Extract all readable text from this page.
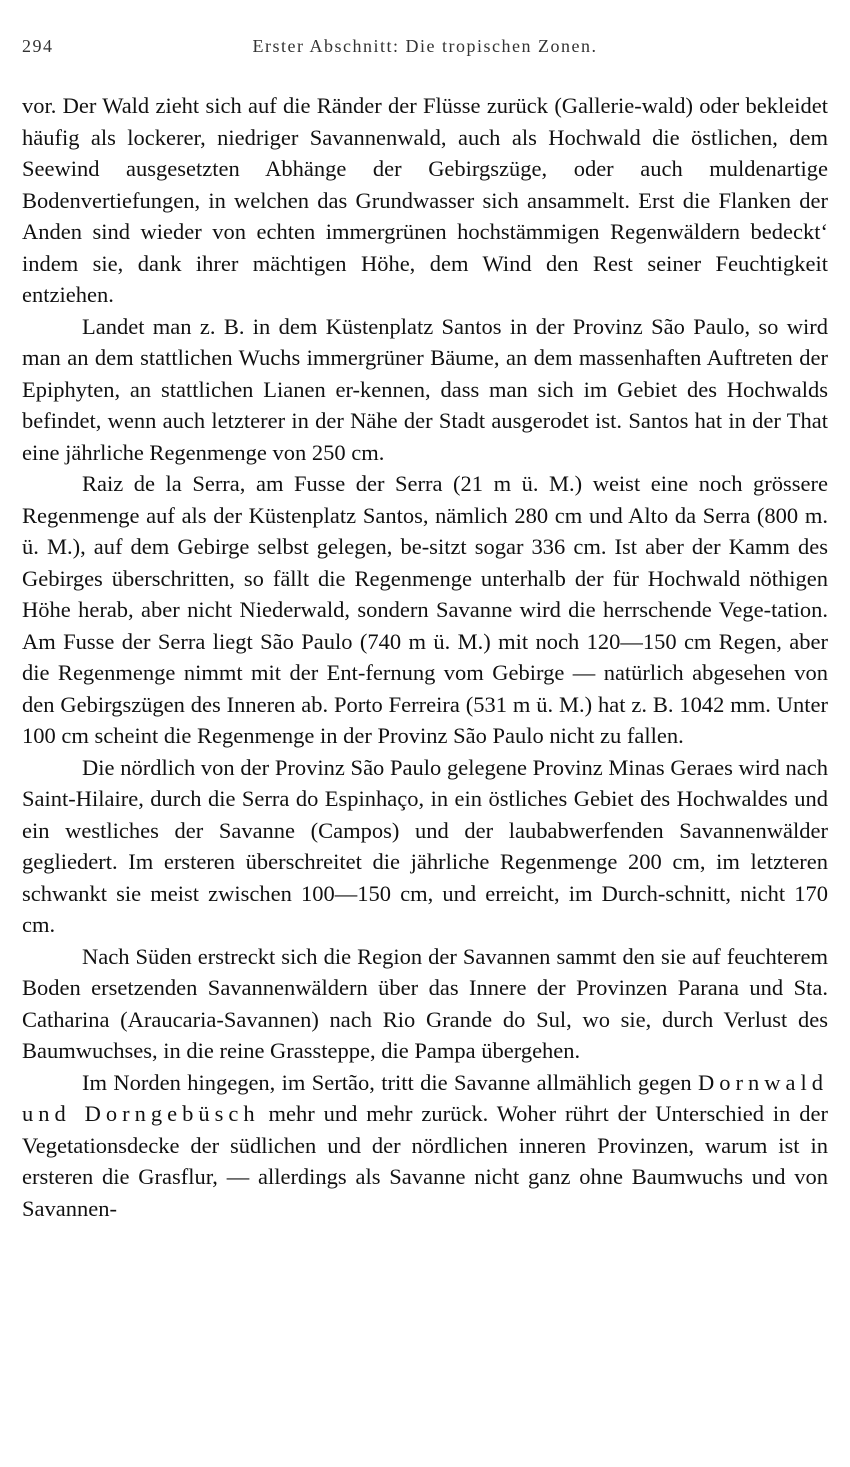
294	Erster Abschnitt: Die tropischen Zonen.

vor. Der Wald zieht sich auf die Ränder der Flüsse zurück (Gallerie-wald) oder bekleidet häufig als lockerer, niedriger Savannenwald, auch als Hochwald die östlichen, dem Seewind ausgesetzten Abhänge der Gebirgszüge, oder auch muldenartige Bodenvertiefungen, in welchen das Grundwasser sich ansammelt. Erst die Flanken der Anden sind wieder von echten immergrünen hochstämmigen Regenwäldern bedeckt‘ indem sie, dank ihrer mächtigen Höhe, dem Wind den Rest seiner Feuchtigkeit entziehen.

Landet man z. B. in dem Küstenplatz Santos in der Provinz São Paulo, so wird man an dem stattlichen Wuchs immergrüner Bäume, an dem massenhaften Auftreten der Epiphyten, an stattlichen Lianen er-kennen, dass man sich im Gebiet des Hochwalds befindet, wenn auch letzterer in der Nähe der Stadt ausgerodet ist. Santos hat in der That eine jährliche Regenmenge von 250 cm.

Raiz de la Serra, am Fusse der Serra (21 m ü. M.) weist eine noch grössere Regenmenge auf als der Küstenplatz Santos, nämlich 280 cm und Alto da Serra (800 m. ü. M.), auf dem Gebirge selbst gelegen, be-sitzt sogar 336 cm. Ist aber der Kamm des Gebirges überschritten, so fällt die Regenmenge unterhalb der für Hochwald nöthigen Höhe herab, aber nicht Niederwald, sondern Savanne wird die herrschende Vege-tation. Am Fusse der Serra liegt São Paulo (740 m ü. M.) mit noch 120—150 cm Regen, aber die Regenmenge nimmt mit der Ent-fernung vom Gebirge — natürlich abgesehen von den Gebirgszügen des Inneren ab. Porto Ferreira (531 m ü. M.) hat z. B. 1042 mm. Unter 100 cm scheint die Regenmenge in der Provinz São Paulo nicht zu fallen.

Die nördlich von der Provinz São Paulo gelegene Provinz Minas Geraes wird nach Saint-Hilaire, durch die Serra do Espinhaço, in ein östliches Gebiet des Hochwaldes und ein westliches der Savanne (Campos) und der laubabwerfenden Savannenwälder gegliedert. Im ersteren überschreitet die jährliche Regenmenge 200 cm, im letzteren schwankt sie meist zwischen 100—150 cm, und erreicht, im Durch-schnitt, nicht 170 cm.

Nach Süden erstreckt sich die Region der Savannen sammt den sie auf feuchterem Boden ersetzenden Savannenwäldern über das Innere der Provinzen Parana und Sta. Catharina (Araucaria-Savannen) nach Rio Grande do Sul, wo sie, durch Verlust des Baumwuchses, in die reine Grassteppe, die Pampa übergehen.

Im Norden hingegen, im Sertão, tritt die Savanne allmählich gegen Dornwald und Dorngebüsch mehr und mehr zurück. Woher rührt der Unterschied in der Vegetationsdecke der südlichen und der nördlichen inneren Provinzen, warum ist in ersteren die Grasflur, — allerdings als Savanne nicht ganz ohne Baumwuchs und von Savannen-
